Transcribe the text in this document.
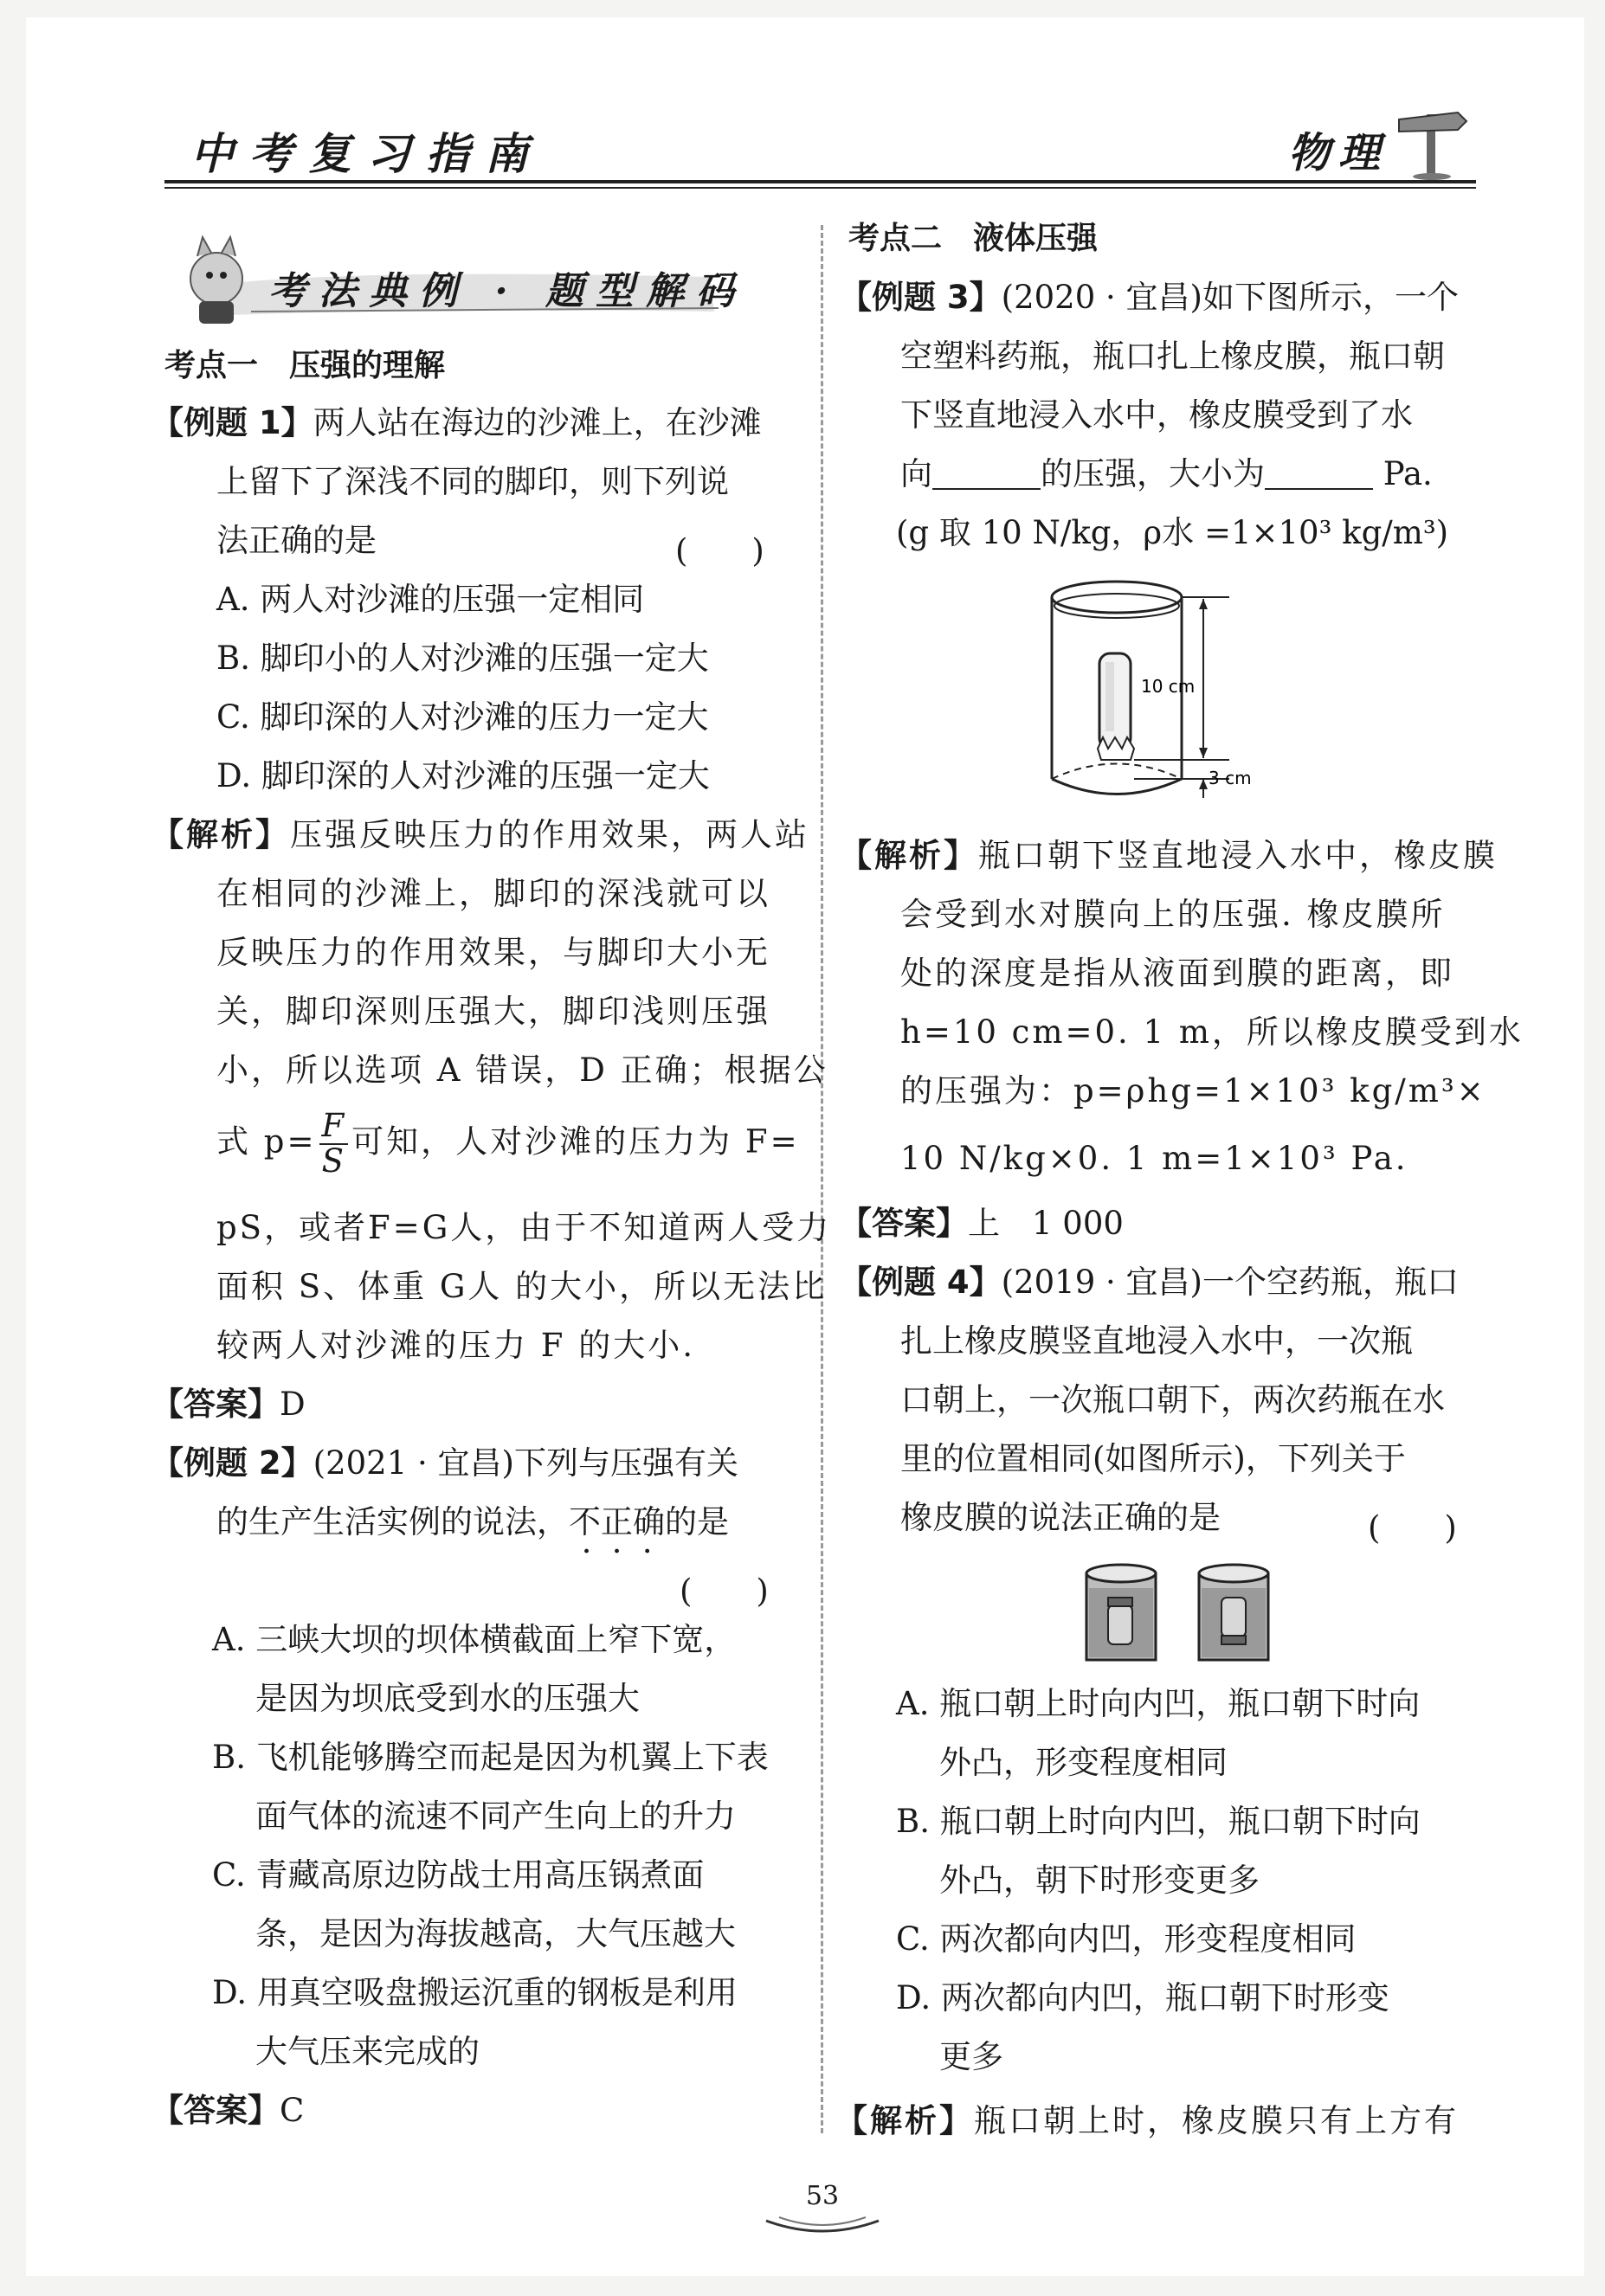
中考复习指南	物理
考法典例 · 题型解码
考点一　压强的理解
【例题 1】两人站在海边的沙滩上，在沙滩
上留下了深浅不同的脚印，则下列说
法正确的是	(　　)
A. 两人对沙滩的压强一定相同
B. 脚印小的人对沙滩的压强一定大
C. 脚印深的人对沙滩的压力一定大
D. 脚印深的人对沙滩的压强一定大
【解析】压强反映压力的作用效果，两人站
在相同的沙滩上，脚印的深浅就可以
反映压力的作用效果，与脚印大小无
关，脚印深则压强大，脚印浅则压强
小，所以选项 A 错误，D 正确；根据公
式 $p= \frac{F}{S}$ 可知，人对沙滩的压力为 F=
pS，或者F=G人，由于不知道两人受力
面积 S、体重 G人 的大小，所以无法比
较两人对沙滩的压力 F 的大小.
【答案】D
【例题 2】(2021 · 宜昌)下列与压强有关
的生产生活实例的说法，不正确的是
·　·　·
(　　)
A. 三峡大坝的坝体横截面上窄下宽，
是因为坝底受到水的压强大
B. 飞机能够腾空而起是因为机翼上下表
面气体的流速不同产生向上的升力
C. 青藏高原边防战士用高压锅煮面
条，是因为海拔越高，大气压越大
D. 用真空吸盘搬运沉重的钢板是利用
大气压来完成的
【答案】C
考点二　液体压强
【例题 3】(2020 · 宜昌)如下图所示，一个
空塑料药瓶，瓶口扎上橡皮膜，瓶口朝
下竖直地浸入水中，橡皮膜受到了水
向	的压强，大小为	Pa.
(g 取 10 N/kg，ρ水 =1×10³ kg/m³)
10 cm
3 cm
【解析】瓶口朝下竖直地浸入水中，橡皮膜
会受到水对膜向上的压强. 橡皮膜所
处的深度是指从液面到膜的距离，即
h=10 cm=0. 1 m，所以橡皮膜受到水
的压强为：p=ρhg=1×10³ kg/m³×
10 N/kg×0. 1 m=1×10³ Pa.
【答案】上　1 000
【例题 4】(2019 · 宜昌)一个空药瓶，瓶口
扎上橡皮膜竖直地浸入水中，一次瓶
口朝上，一次瓶口朝下，两次药瓶在水
里的位置相同(如图所示)，下列关于
橡皮膜的说法正确的是	(　　)
A. 瓶口朝上时向内凹，瓶口朝下时向
外凸，形变程度相同
B. 瓶口朝上时向内凹，瓶口朝下时向
外凸，朝下时形变更多
C. 两次都向内凹，形变程度相同
D. 两次都向内凹，瓶口朝下时形变
更多
【解析】瓶口朝上时，橡皮膜只有上方有
53
